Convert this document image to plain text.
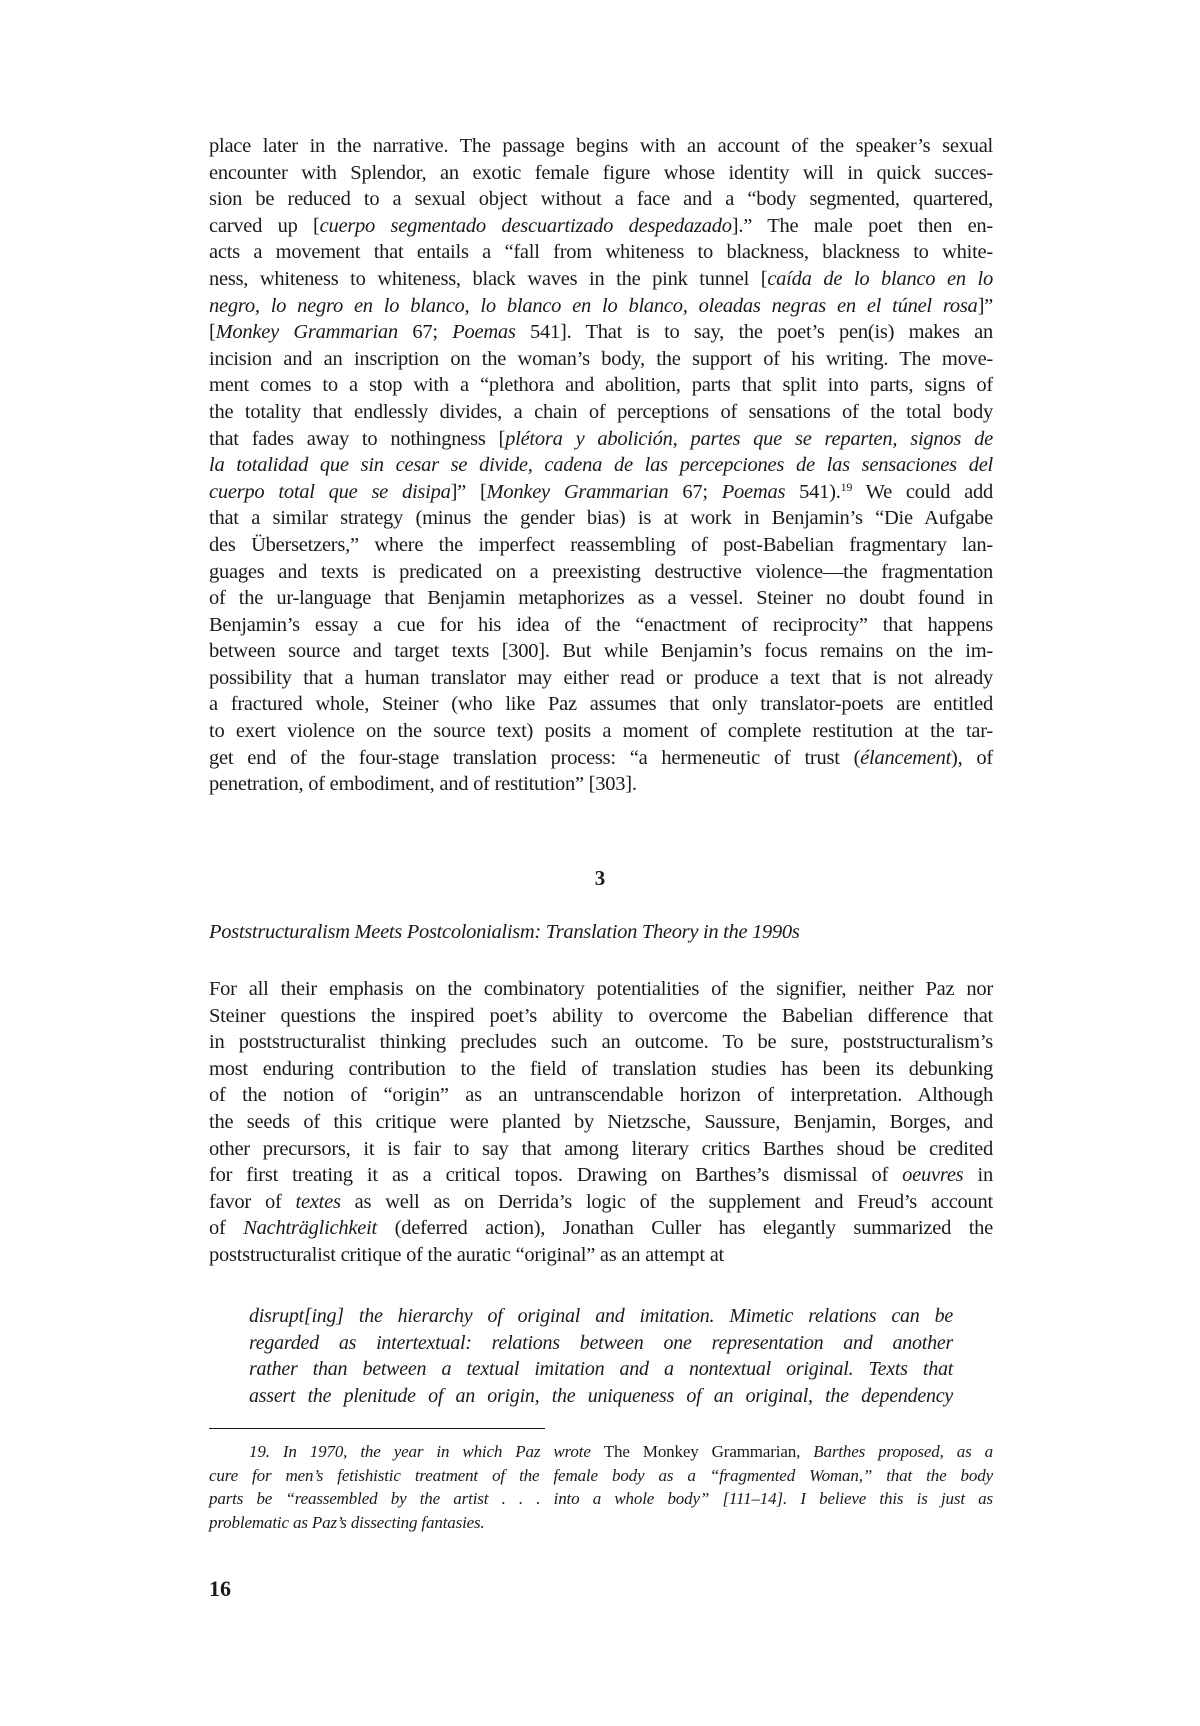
place later in the narrative. The passage begins with an account of the speaker’s sexual
encounter with Splendor, an exotic female figure whose identity will in quick succes-
sion be reduced to a sexual object without a face and a “body segmented, quartered,
carved up [cuerpo segmentado descuartizado despedazado].” The male poet then en-
acts a movement that entails a “fall from whiteness to blackness, blackness to white-
ness, whiteness to whiteness, black waves in the pink tunnel [caída de lo blanco en lo
negro, lo negro en lo blanco, lo blanco en lo blanco, oleadas negras en el túnel rosa]”
[Monkey Grammarian 67; Poemas 541]. That is to say, the poet’s pen(is) makes an
incision and an inscription on the woman’s body, the support of his writing. The move-
ment comes to a stop with a “plethora and abolition, parts that split into parts, signs of
the totality that endlessly divides, a chain of perceptions of sensations of the total body
that fades away to nothingness [plétora y abolición, partes que se reparten, signos de
la totalidad que sin cesar se divide, cadena de las percepciones de las sensaciones del
cuerpo total que se disipa]” [Monkey Grammarian 67; Poemas 541).$^{19}$ We could add
that a similar strategy (minus the gender bias) is at work in Benjamin’s “Die Aufgabe
des Übersetzers,” where the imperfect reassembling of post-Babelian fragmentary lan-
guages and texts is predicated on a preexisting destructive violence—the fragmentation
of the ur-language that Benjamin metaphorizes as a vessel. Steiner no doubt found in
Benjamin’s essay a cue for his idea of the “enactment of reciprocity” that happens
between source and target texts [300]. But while Benjamin’s focus remains on the im-
possibility that a human translator may either read or produce a text that is not already
a fractured whole, Steiner (who like Paz assumes that only translator-poets are entitled
to exert violence on the source text) posits a moment of complete restitution at the tar-
get end of the four-stage translation process: “a hermeneutic of trust (élancement), of
penetration, of embodiment, and of restitution” [303].
3
Poststructuralism Meets Postcolonialism: Translation Theory in the 1990s
For all their emphasis on the combinatory potentialities of the signifier, neither Paz nor
Steiner questions the inspired poet’s ability to overcome the Babelian difference that
in poststructuralist thinking precludes such an outcome. To be sure, poststructuralism’s
most enduring contribution to the field of translation studies has been its debunking
of the notion of “origin” as an untranscendable horizon of interpretation. Although
the seeds of this critique were planted by Nietzsche, Saussure, Benjamin, Borges, and
other precursors, it is fair to say that among literary critics Barthes shoud be credited
for first treating it as a critical topos. Drawing on Barthes’s dismissal of oeuvres in
favor of textes as well as on Derrida’s logic of the supplement and Freud’s account
of Nachträglichkeit (deferred action), Jonathan Culler has elegantly summarized the
poststructuralist critique of the auratic “original” as an attempt at
disrupt[ing] the hierarchy of original and imitation. Mimetic relations can be
regarded as intertextual: relations between one representation and another
rather than between a textual imitation and a nontextual original. Texts that
assert the plenitude of an origin, the uniqueness of an original, the dependency
19. In 1970, the year in which Paz wrote The Monkey Grammarian, Barthes proposed, as a
cure for men’s fetishistic treatment of the female body as a “fragmented Woman,” that the body
parts be “reassembled by the artist . . . into a whole body” [111–14]. I believe this is just as
problematic as Paz’s dissecting fantasies.
16
